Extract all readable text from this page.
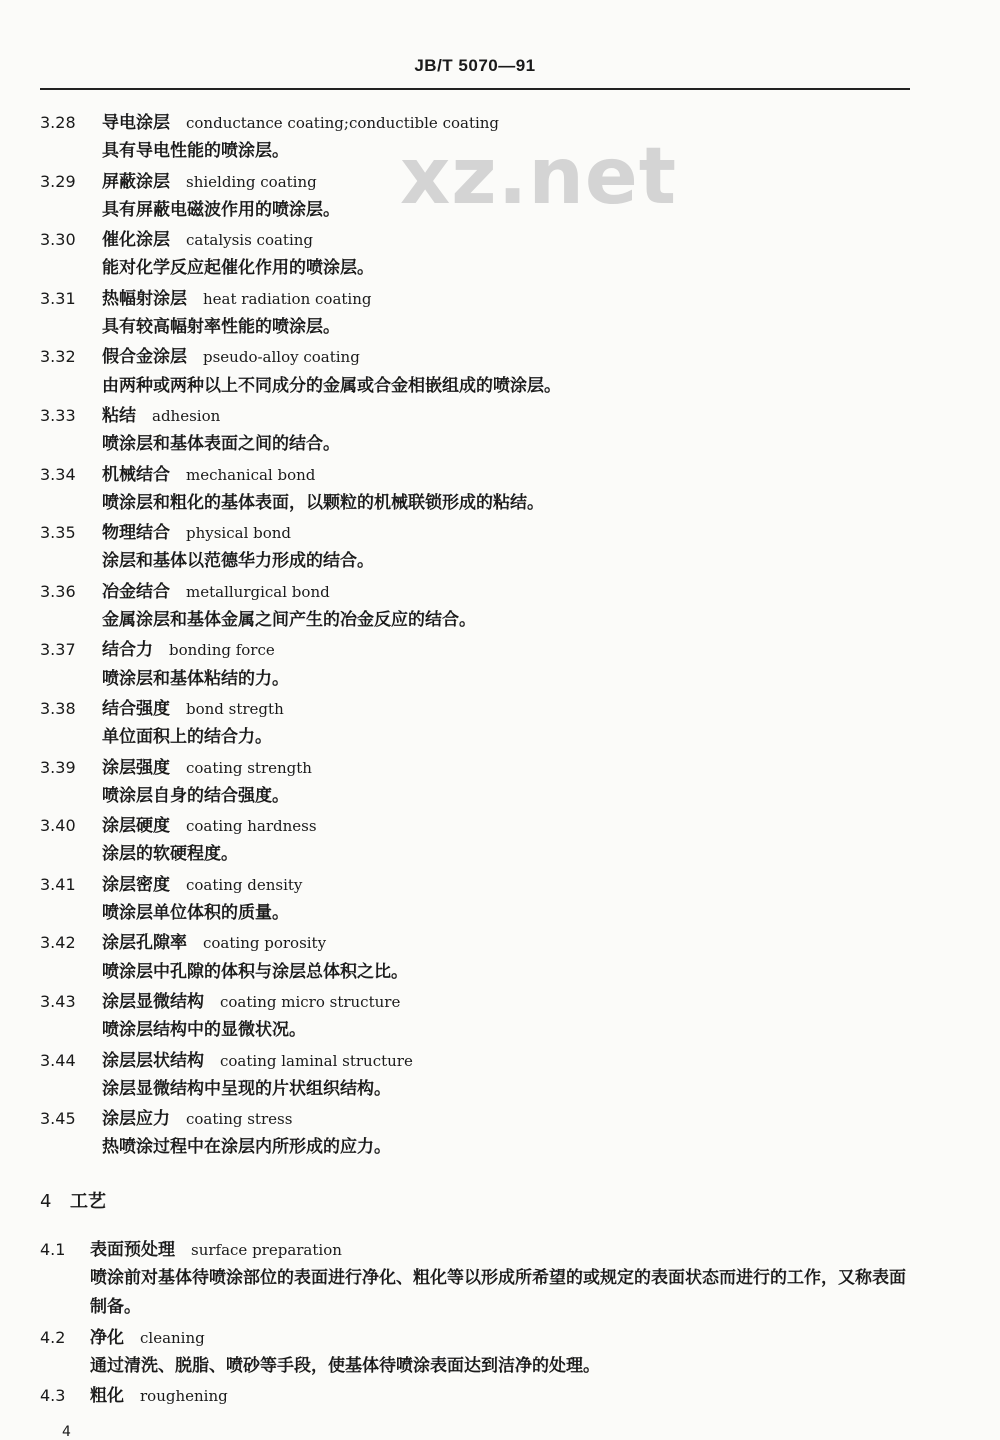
JB/T 5070—91
xz.net
3.28 导电涂层 conductance coating;conductible coating
具有导电性能的喷涂层。
3.29 屏蔽涂层 shielding coating
具有屏蔽电磁波作用的喷涂层。
3.30 催化涂层 catalysis coating
能对化学反应起催化作用的喷涂层。
3.31 热幅射涂层 heat radiation coating
具有较高幅射率性能的喷涂层。
3.32 假合金涂层 pseudo-alloy coating
由两种或两种以上不同成分的金属或合金相嵌组成的喷涂层。
3.33 粘结 adhesion
喷涂层和基体表面之间的结合。
3.34 机械结合 mechanical bond
喷涂层和粗化的基体表面，以颗粒的机械联锁形成的粘结。
3.35 物理结合 physical bond
涂层和基体以范德华力形成的结合。
3.36 冶金结合 metallurgical bond
金属涂层和基体金属之间产生的冶金反应的结合。
3.37 结合力 bonding force
喷涂层和基体粘结的力。
3.38 结合强度 bond stregth
单位面积上的结合力。
3.39 涂层强度 coating strength
喷涂层自身的结合强度。
3.40 涂层硬度 coating hardness
涂层的软硬程度。
3.41 涂层密度 coating density
喷涂层单位体积的质量。
3.42 涂层孔隙率 coating porosity
喷涂层中孔隙的体积与涂层总体积之比。
3.43 涂层显微结构 coating micro structure
喷涂层结构中的显微状况。
3.44 涂层层状结构 coating laminal structure
涂层显微结构中呈现的片状组织结构。
3.45 涂层应力 coating stress
热喷涂过程中在涂层内所形成的应力。
4 工艺
4.1 表面预处理 surface preparation
喷涂前对基体待喷涂部位的表面进行净化、粗化等以形成所希望的或规定的表面状态而进行的工作，又称表面制备。
4.2 净化 cleaning
通过清洗、脱脂、喷砂等手段，使基体待喷涂表面达到洁净的处理。
4.3 粗化 roughening
4
